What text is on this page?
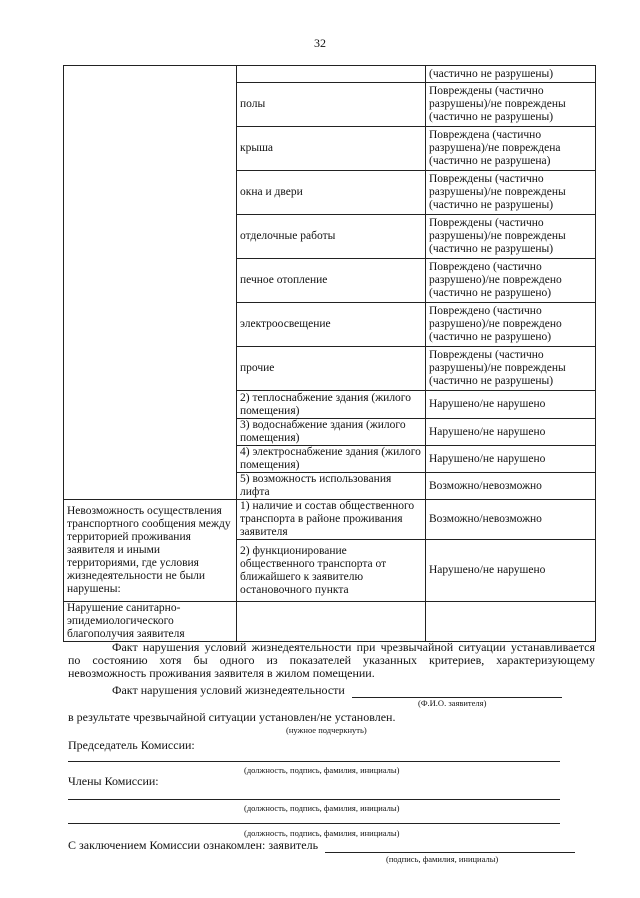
32
		(частично не разрушены)
	полы	Повреждены (частично разрушены)/не повреждены (частично не разрушены)
	крыша	Повреждена (частично разрушена)/не повреждена (частично не разрушена)
	окна и двери	Повреждены (частично разрушены)/не повреждены (частично не разрушены)
	отделочные работы	Повреждены (частично разрушены)/не повреждены (частично не разрушены)
	печное отопление	Повреждено (частично разрушено)/не повреждено (частично не разрушено)
	электроосвещение	Повреждено (частично разрушено)/не повреждено (частично не разрушено)
	прочие	Повреждены (частично разрушены)/не повреждены (частично не разрушены)
	2) теплоснабжение здания (жилого помещения)	Нарушено/не нарушено
	3) водоснабжение здания (жилого помещения)	Нарушено/не нарушено
	4) электроснабжение здания (жилого помещения)	Нарушено/не нарушено
	5) возможность использования лифта	Возможно/невозможно
Невозможность осуществления транспортного сообщения между территорией проживания заявителя и иными территориями, где условия жизнедеятельности не были нарушены:	1) наличие и состав общественного транспорта в районе проживания заявителя	Возможно/невозможно
	2) функционирование общественного транспорта от ближайшего к заявителю остановочного пункта	Нарушено/не нарушено
Нарушение санитарно-эпидемиологического благополучия заявителя		
Факт нарушения условий жизнедеятельности при чрезвычайной ситуации устанавливается по состоянию хотя бы одного из показателей указанных критериев, характеризующему невозможность проживания заявителя в жилом помещении.
Факт нарушения условий жизнедеятельности
(Ф.И.О. заявителя)
в результате чрезвычайной ситуации установлен/не установлен.
(нужное подчеркнуть)
Председатель Комиссии:
(должность, подпись, фамилия, инициалы)
Члены Комиссии:
(должность, подпись, фамилия, инициалы)
(должность, подпись, фамилия, инициалы)
С заключением Комиссии ознакомлен: заявитель
(подпись, фамилия, инициалы)
